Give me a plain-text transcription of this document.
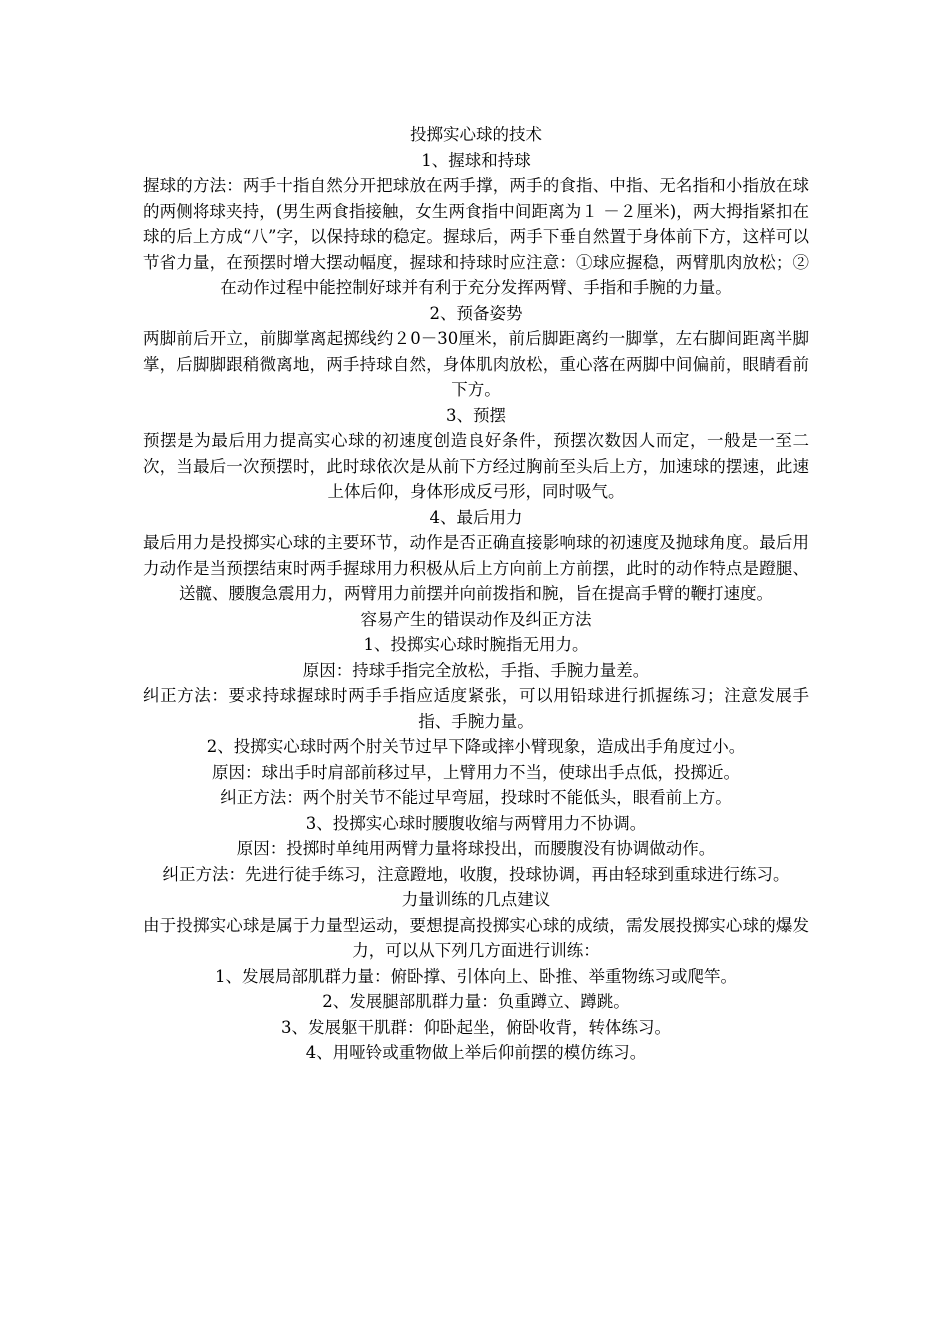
投掷实心球的技术

1、握球和持球

握球的方法：两手十指自然分开把球放在两手撑，两手的食指、中指、无名指和小指放在球的两侧将球夹持，(男生两食指接触，女生两食指中间距离为１ －２厘米)，两大拇指紧扣在球的后上方成“八”字，以保持球的稳定。握球后，两手下垂自然置于身体前下方，这样可以节省力量，在预摆时增大摆动幅度，握球和持球时应注意：①球应握稳，两臂肌肉放松；②在动作过程中能控制好球并有利于充分发挥两臂、手指和手腕的力量。

2、预备姿势

两脚前后开立，前脚掌离起掷线约２0－30厘米，前后脚距离约一脚掌，左右脚间距离半脚掌，后脚脚跟稍微离地，两手持球自然，身体肌肉放松，重心落在两脚中间偏前，眼睛看前下方。

3、预摆

预摆是为最后用力提高实心球的初速度创造良好条件，预摆次数因人而定，一般是一至二次，当最后一次预摆时，此时球依次是从前下方经过胸前至头后上方，加速球的摆速，此速上体后仰，身体形成反弓形，同时吸气。

4、最后用力

最后用力是投掷实心球的主要环节，动作是否正确直接影响球的初速度及抛球角度。最后用力动作是当预摆结束时两手握球用力积极从后上方向前上方前摆，此时的动作特点是蹬腿、送髋、腰腹急震用力，两臂用力前摆并向前拨指和腕，旨在提高手臂的鞭打速度。

容易产生的错误动作及纠正方法

1、投掷实心球时腕指无用力。

原因：持球手指完全放松，手指、手腕力量差。

纠正方法：要求持球握球时两手手指应适度紧张，可以用铅球进行抓握练习；注意发展手指、手腕力量。

2、投掷实心球时两个肘关节过早下降或摔小臂现象，造成出手角度过小。

原因：球出手时肩部前移过早，上臂用力不当，使球出手点低，投掷近。

纠正方法：两个肘关节不能过早弯屈，投球时不能低头，眼看前上方。

3、投掷实心球时腰腹收缩与两臂用力不协调。

原因：投掷时单纯用两臂力量将球投出，而腰腹没有协调做动作。

纠正方法：先进行徒手练习，注意蹬地，收腹，投球协调，再由轻球到重球进行练习。

力量训练的几点建议

由于投掷实心球是属于力量型运动，要想提高投掷实心球的成绩，需发展投掷实心球的爆发力，可以从下列几方面进行训练：

1、发展局部肌群力量：俯卧撑、引体向上、卧推、举重物练习或爬竿。

2、发展腿部肌群力量：负重蹲立、蹲跳。

3、发展躯干肌群：仰卧起坐，俯卧收背，转体练习。

4、用哑铃或重物做上举后仰前摆的模仿练习。
